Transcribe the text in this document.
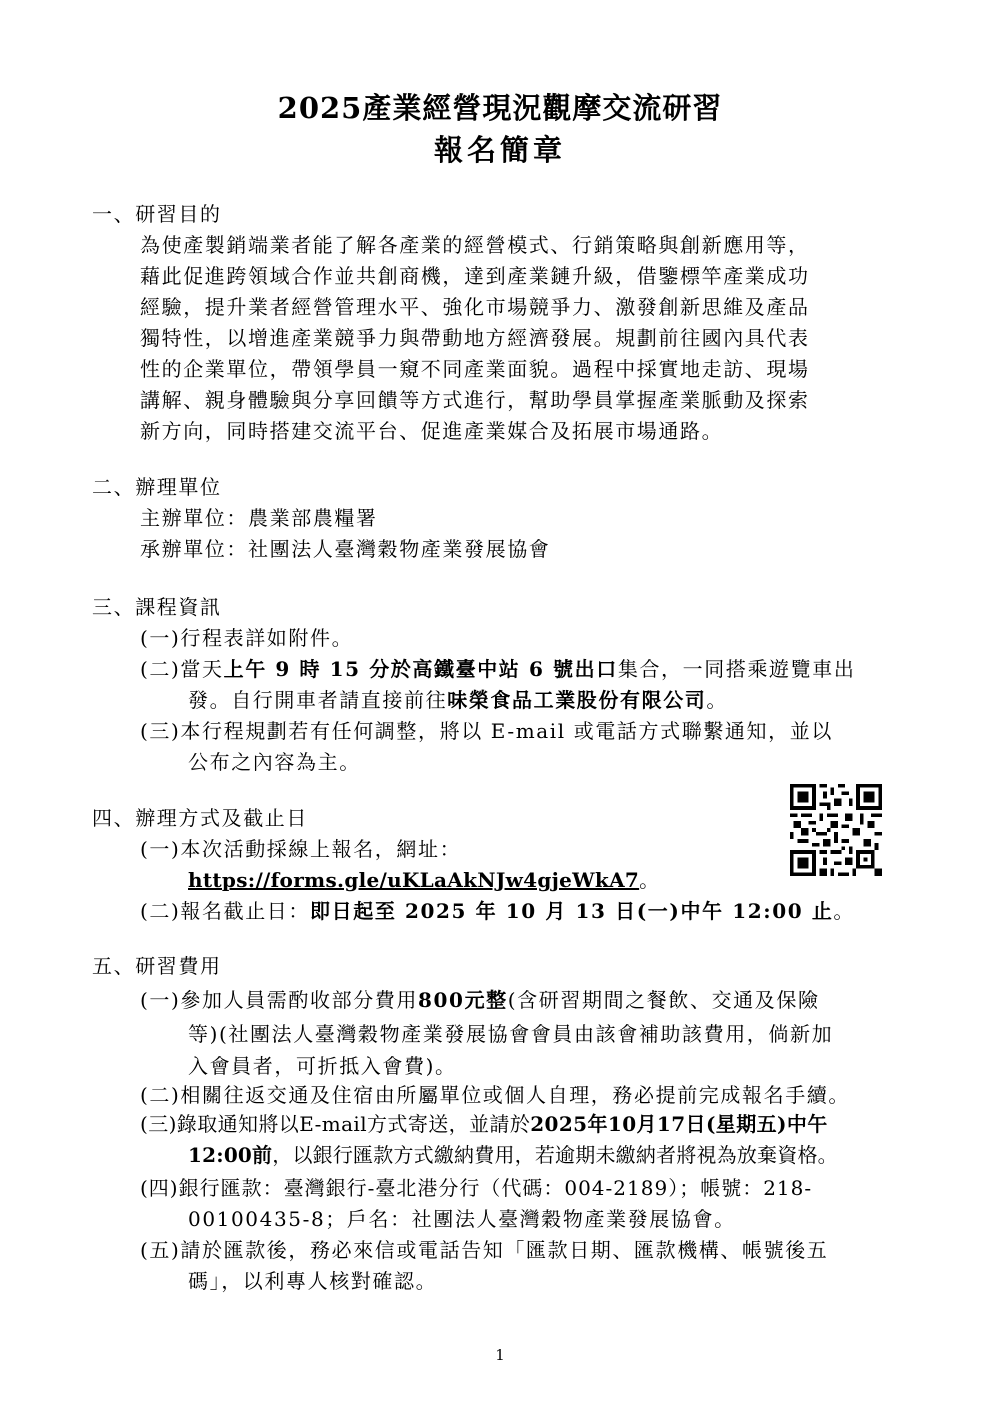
2025產業經營現況觀摩交流研習
報名簡章
一、研習目的
為使產製銷端業者能了解各產業的經營模式、行銷策略與創新應用等，
藉此促進跨領域合作並共創商機，達到產業鏈升級，借鑒標竿產業成功
經驗，提升業者經營管理水平、強化市場競爭力、激發創新思維及產品
獨特性，以增進產業競爭力與帶動地方經濟發展。規劃前往國內具代表
性的企業單位，帶領學員一窺不同產業面貌。過程中採實地走訪、現場
講解、親身體驗與分享回饋等方式進行，幫助學員掌握產業脈動及探索
新方向，同時搭建交流平台、促進產業媒合及拓展市場通路。
二、辦理單位
主辦單位：農業部農糧署
承辦單位：社團法人臺灣穀物產業發展協會
三、課程資訊
(一)行程表詳如附件。
(二)當天上午 9 時 15 分於高鐵臺中站 6 號出口集合，一同搭乘遊覽車出
發。自行開車者請直接前往味榮食品工業股份有限公司。
(三)本行程規劃若有任何調整，將以 E-mail 或電話方式聯繫通知，並以
公布之內容為主。
四、辦理方式及截止日
(一)本次活動採線上報名，網址：
https://forms.gle/uKLaAkNJw4gjeWkA7。
(二)報名截止日：即日起至 2025 年 10 月 13 日(一)中午 12:00 止。
五、研習費用
(一)參加人員需酌收部分費用800元整(含研習期間之餐飲、交通及保險
等)(社團法人臺灣穀物產業發展協會會員由該會補助該費用，倘新加
入會員者，可折抵入會費)。
(二)相關往返交通及住宿由所屬單位或個人自理，務必提前完成報名手續。
(三)錄取通知將以E-mail方式寄送，並請於2025年10月17日(星期五)中午
12:00前，以銀行匯款方式繳納費用，若逾期未繳納者將視為放棄資格。
(四)銀行匯款：臺灣銀行-臺北港分行（代碼：004-2189）；帳號：218-
00100435-8；戶名：社團法人臺灣穀物產業發展協會。
(五)請於匯款後，務必來信或電話告知「匯款日期、匯款機構、帳號後五
碼」，以利專人核對確認。
1
